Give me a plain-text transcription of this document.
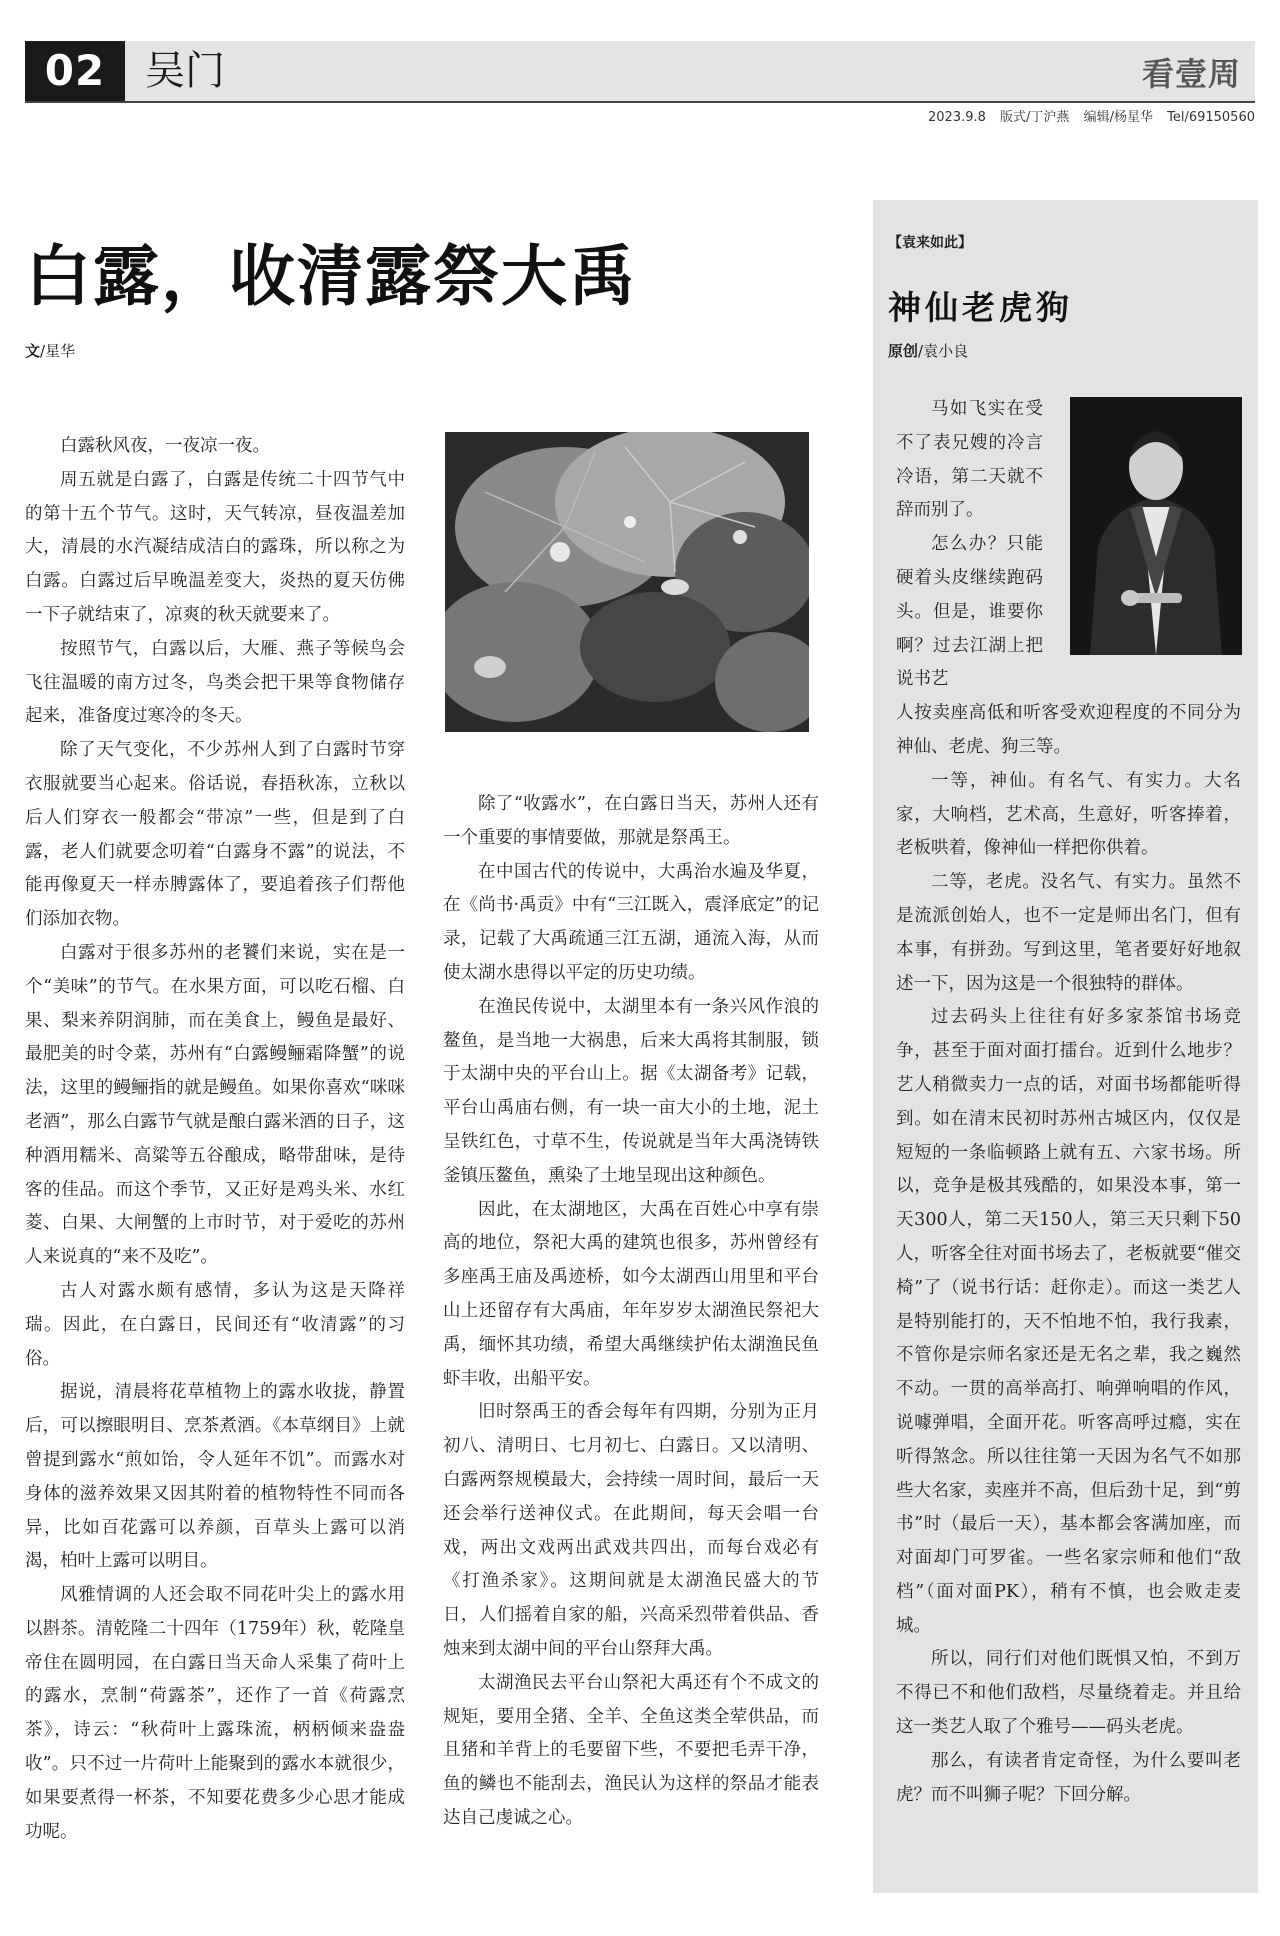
02 吴门	看壹周
2023.9.8 版式/丁沪燕 编辑/杨星华 Tel/69150560
白露，收清露祭大禹

文/星华

白露秋风夜，一夜凉一夜。

周五就是白露了，白露是传统二十四节气中的第十五个节气。这时，天气转凉，昼夜温差加大，清晨的水汽凝结成洁白的露珠，所以称之为白露。白露过后早晚温差变大，炎热的夏天仿佛一下子就结束了，凉爽的秋天就要来了。

按照节气，白露以后，大雁、燕子等候鸟会飞往温暖的南方过冬，鸟类会把干果等食物储存起来，准备度过寒冷的冬天。

除了天气变化，不少苏州人到了白露时节穿衣服就要当心起来。俗话说，春捂秋冻，立秋以后人们穿衣一般都会“带凉”一些，但是到了白露，老人们就要念叨着“白露身不露”的说法，不能再像夏天一样赤膊露体了，要追着孩子们帮他们添加衣物。

白露对于很多苏州的老饕们来说，实在是一个“美味”的节气。在水果方面，可以吃石榴、白果、梨来养阴润肺，而在美食上，鳗鱼是最好、最肥美的时令菜，苏州有“白露鳗鲡霜降蟹”的说法，这里的鳗鲡指的就是鳗鱼。如果你喜欢“咪咪老酒”，那么白露节气就是酿白露米酒的日子，这种酒用糯米、高粱等五谷酿成，略带甜味，是待客的佳品。而这个季节，又正好是鸡头米、水红菱、白果、大闸蟹的上市时节，对于爱吃的苏州人来说真的“来不及吃”。

古人对露水颇有感情，多认为这是天降祥瑞。因此，在白露日，民间还有“收清露”的习俗。

据说，清晨将花草植物上的露水收拢，静置后，可以擦眼明目、烹茶煮酒。《本草纲目》上就曾提到露水“煎如饴，令人延年不饥”。而露水对身体的滋养效果又因其附着的植物特性不同而各异，比如百花露可以养颜，百草头上露可以消渴，柏叶上露可以明目。

风雅情调的人还会取不同花叶尖上的露水用以斟茶。清乾隆二十四年（1759年）秋，乾隆皇帝住在圆明园，在白露日当天命人采集了荷叶上的露水，烹制“荷露茶”，还作了一首《荷露烹茶》，诗云：“秋荷叶上露珠流，柄柄倾来盎盎收”。只不过一片荷叶上能聚到的露水本就很少，如果要煮得一杯茶，不知要花费多少心思才能成功呢。

除了“收露水”，在白露日当天，苏州人还有一个重要的事情要做，那就是祭禹王。

在中国古代的传说中，大禹治水遍及华夏，在《尚书·禹贡》中有“三江既入，震泽底定”的记录，记载了大禹疏通三江五湖，通流入海，从而使太湖水患得以平定的历史功绩。

在渔民传说中，太湖里本有一条兴风作浪的鳌鱼，是当地一大祸患，后来大禹将其制服，锁于太湖中央的平台山上。据《太湖备考》记载，平台山禹庙右侧，有一块一亩大小的土地，泥土呈铁红色，寸草不生，传说就是当年大禹浇铸铁釜镇压鳌鱼，熏染了土地呈现出这种颜色。

因此，在太湖地区，大禹在百姓心中享有崇高的地位，祭祀大禹的建筑也很多，苏州曾经有多座禹王庙及禹迹桥，如今太湖西山用里和平台山上还留存有大禹庙，年年岁岁太湖渔民祭祀大禹，缅怀其功绩，希望大禹继续护佑太湖渔民鱼虾丰收，出船平安。

旧时祭禹王的香会每年有四期，分别为正月初八、清明日、七月初七、白露日。又以清明、白露两祭规模最大，会持续一周时间，最后一天还会举行送神仪式。在此期间，每天会唱一台戏，两出文戏两出武戏共四出，而每台戏必有《打渔杀家》。这期间就是太湖渔民盛大的节日，人们摇着自家的船，兴高采烈带着供品、香烛来到太湖中间的平台山祭拜大禹。

太湖渔民去平台山祭祀大禹还有个不成文的规矩，要用全猪、全羊、全鱼这类全荤供品，而且猪和羊背上的毛要留下些，不要把毛弄干净，鱼的鳞也不能刮去，渔民认为这样的祭品才能表达自己虔诚之心。

【袁来如此】

神仙老虎狗

原创/袁小良

马如飞实在受不了表兄嫂的冷言冷语，第二天就不辞而别了。

怎么办？只能硬着头皮继续跑码头。但是，谁要你啊？过去江湖上把说书艺

人按卖座高低和听客受欢迎程度的不同分为神仙、老虎、狗三等。

一等，神仙。有名气、有实力。大名家，大响档，艺术高，生意好，听客捧着，老板哄着，像神仙一样把你供着。

二等，老虎。没名气、有实力。虽然不是流派创始人，也不一定是师出名门，但有本事，有拼劲。写到这里，笔者要好好地叙述一下，因为这是一个很独特的群体。

过去码头上往往有好多家茶馆书场竞争，甚至于面对面打擂台。近到什么地步？艺人稍微卖力一点的话，对面书场都能听得到。如在清末民初时苏州古城区内，仅仅是短短的一条临顿路上就有五、六家书场。所以，竞争是极其残酷的，如果没本事，第一天300人，第二天150人，第三天只剩下50人，听客全往对面书场去了，老板就要“催交椅”了（说书行话：赶你走）。而这一类艺人是特别能打的，天不怕地不怕，我行我素，不管你是宗师名家还是无名之辈，我之巍然不动。一贯的高举高打、响弹响唱的作风，说噱弹唱，全面开花。听客高呼过瘾，实在听得煞念。所以往往第一天因为名气不如那些大名家，卖座并不高，但后劲十足，到“剪书”时（最后一天），基本都会客满加座，而对面却门可罗雀。一些名家宗师和他们“敌档”（面对面PK），稍有不慎，也会败走麦城。

所以，同行们对他们既惧又怕，不到万不得已不和他们敌档，尽量绕着走。并且给这一类艺人取了个雅号——码头老虎。

那么，有读者肯定奇怪，为什么要叫老虎？而不叫狮子呢？下回分解。
